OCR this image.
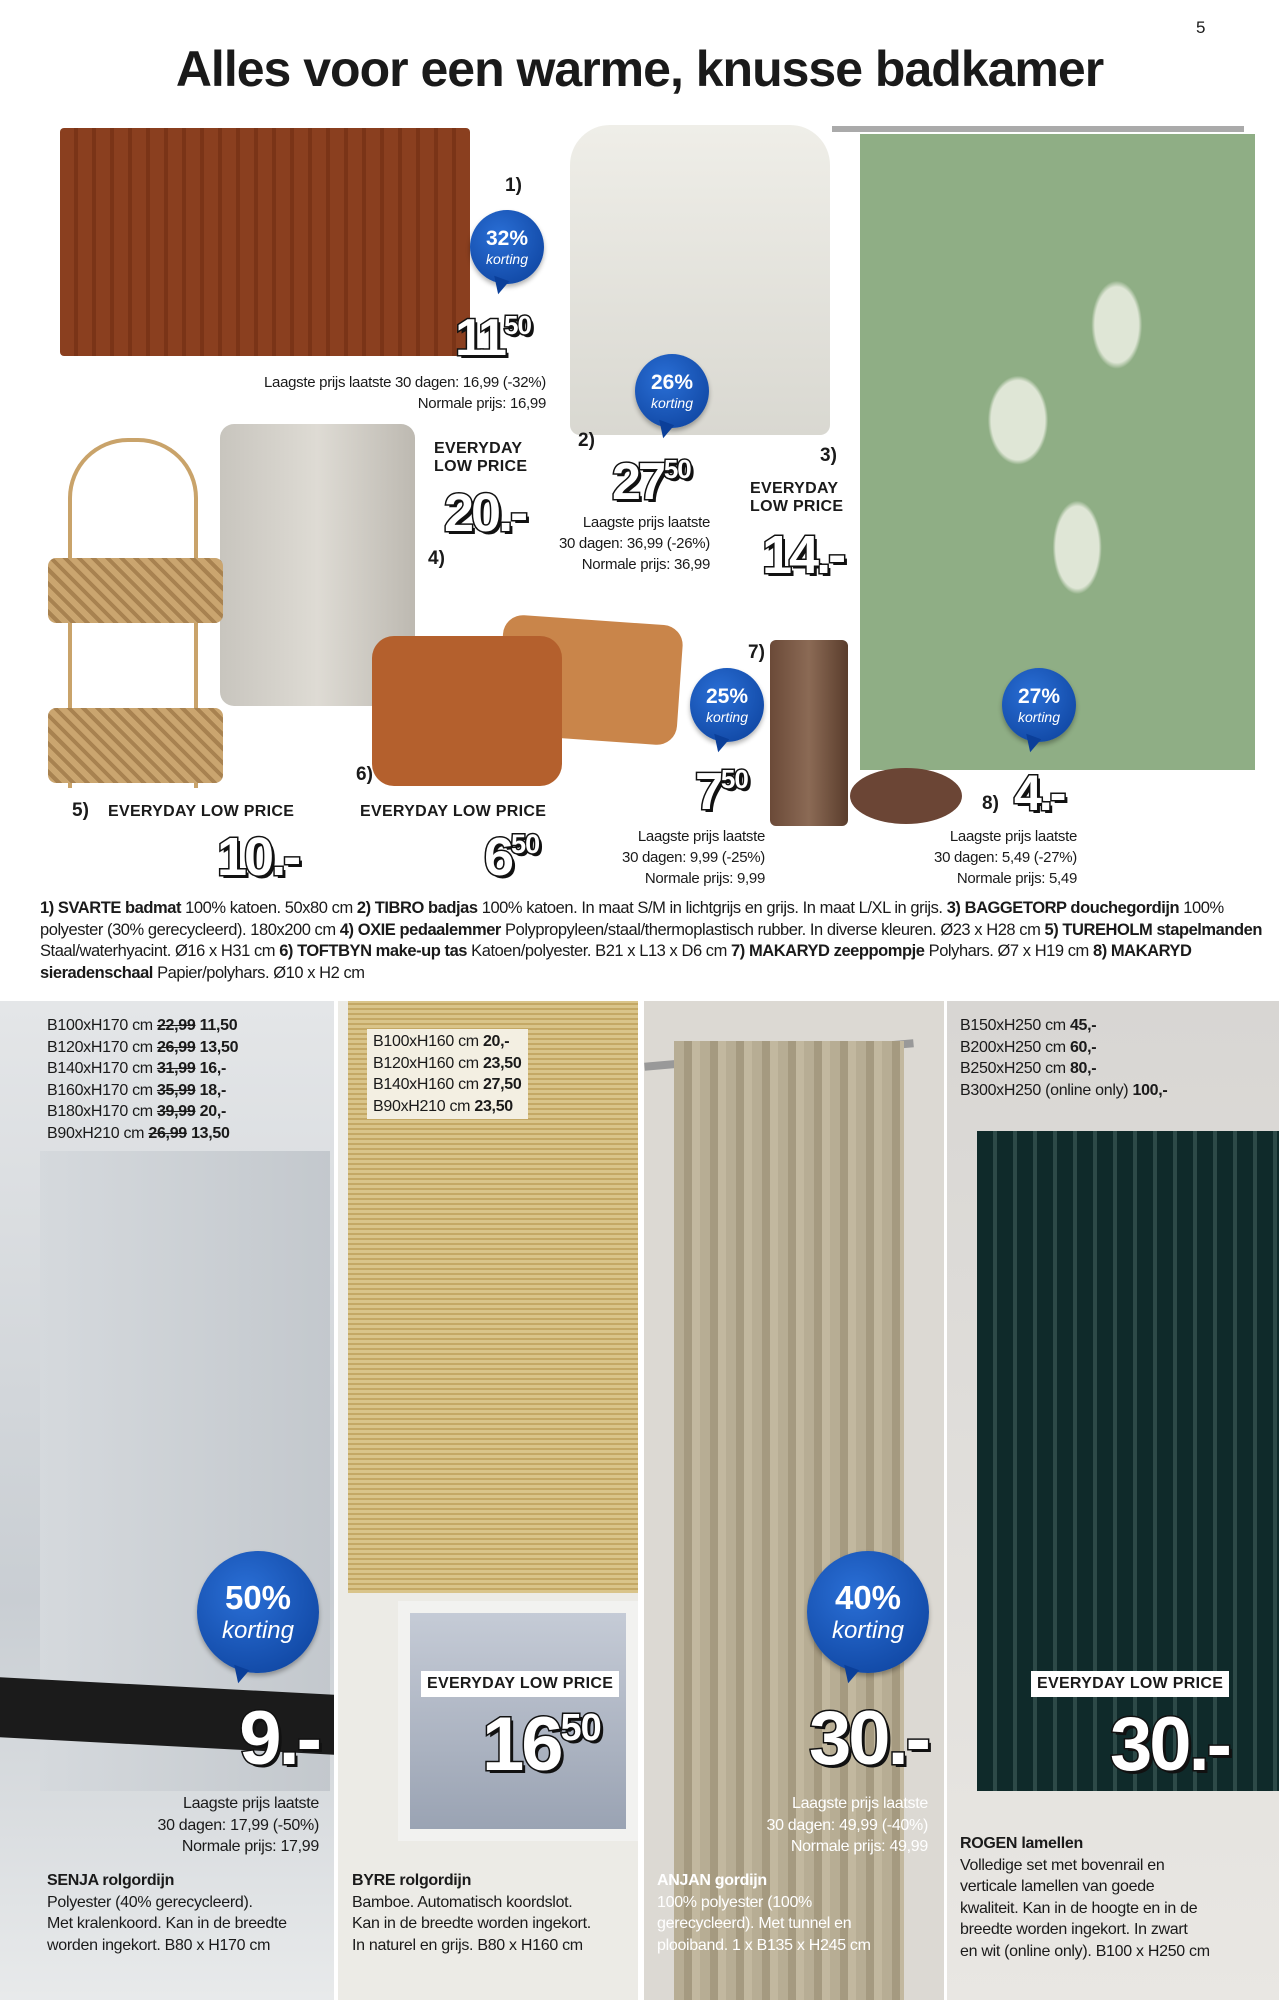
5
Alles voor een warme, knusse badkamer
1)
32%
korting
$11^{50}$
Laagste prijs laatste 30 dagen: 16,99 (-32%)
Normale prijs: 16,99
2)
26%
korting
$27^{50}$
Laagste prijs laatste
30 dagen: 36,99 (-26%)
Normale prijs: 36,99
3)
EVERYDAY
LOW PRICE
14.-
EVERYDAY
LOW PRICE
20.-
4)
5) EVERYDAY LOW PRICE
10.-
6)
EVERYDAY LOW PRICE
$6^{50}$
7)
25%
korting
$7^{50}$
Laagste prijs laatste
30 dagen: 9,99 (-25%)
Normale prijs: 9,99
8)
27%
korting
4.-
Laagste prijs laatste
30 dagen: 5,49 (-27%)
Normale prijs: 5,49
1) SVARTE badmat 100% katoen. 50x80 cm 2) TIBRO badjas 100% katoen. In maat S/M in lichtgrijs en grijs. In maat L/XL in grijs. 3) BAGGETORP douchegordijn 100% polyester (30% gerecycleerd). 180x200 cm 4) OXIE pedaalemmer Polypropyleen/staal/thermoplastisch rubber. In diverse kleuren. Ø23 x H28 cm 5) TUREHOLM stapelmanden Staal/waterhyacint. Ø16 x H31 cm 6) TOFTBYN make-up tas Katoen/polyester. B21 x L13 x D6 cm 7) MAKARYD zeeppompje Polyhars. Ø7 x H19 cm 8) MAKARYD sieradenschaal Papier/polyhars. Ø10 x H2 cm
B100xH170 cm 22,99 11,50
B120xH170 cm 26,99 13,50
B140xH170 cm 31,99 16,-
B160xH170 cm 35,99 18,-
B180xH170 cm 39,99 20,-
B90xH210 cm 26,99 13,50
50%
korting
9.-
Laagste prijs laatste
30 dagen: 17,99 (-50%)
Normale prijs: 17,99
SENJA rolgordijn
Polyester (40% gerecycleerd).
Met kralenkoord. Kan in de breedte
worden ingekort. B80 x H170 cm
B100xH160 cm 20,-
B120xH160 cm 23,50
B140xH160 cm 27,50
B90xH210 cm 23,50
EVERYDAY LOW PRICE
$16^{50}$
BYRE rolgordijn
Bamboe. Automatisch koordslot.
Kan in de breedte worden ingekort.
In naturel en grijs. B80 x H160 cm
40%
korting
30.-
Laagste prijs laatste
30 dagen: 49,99 (-40%)
Normale prijs: 49,99
ANJAN gordijn
100% polyester (100%
gerecycleerd). Met tunnel en
plooiband. 1 x B135 x H245 cm
B150xH250 cm 45,-
B200xH250 cm 60,-
B250xH250 cm 80,-
B300xH250 (online only) 100,-
EVERYDAY LOW PRICE
30.-
ROGEN lamellen
Volledige set met bovenrail en
verticale lamellen van goede
kwaliteit. Kan in de hoogte en in de
breedte worden ingekort. In zwart
en wit (online only). B100 x H250 cm
